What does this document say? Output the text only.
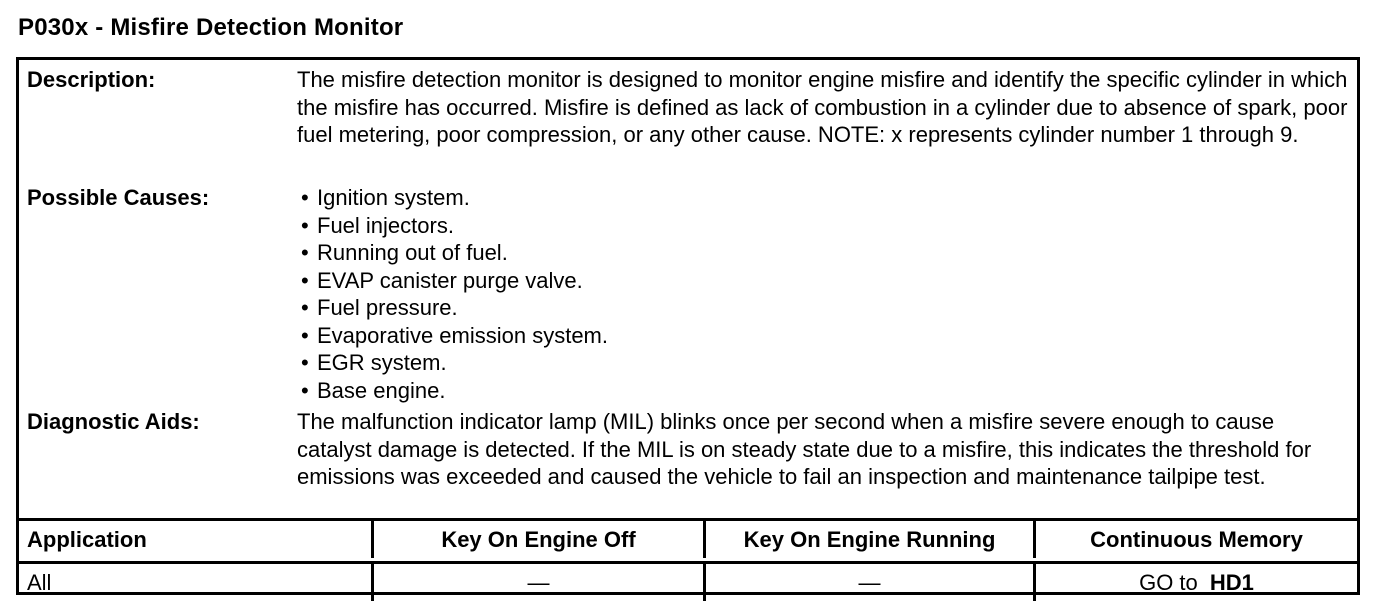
P030x - Misfire Detection Monitor
Description:	The misfire detection monitor is designed to monitor engine misfire and identify the specific cylinder in which the misfire has occurred. Misfire is defined as lack of combustion in a cylinder due to absence of spark, poor fuel metering, poor compression, or any other cause. NOTE: x represents cylinder number 1 through 9.
Possible Causes:
•	Ignition system.
• Fuel injectors.
• Running out of fuel.
• EVAP canister purge valve.
• Fuel pressure.
• Evaporative emission system.
• EGR system.
• Base engine.
Diagnostic Aids:	The malfunction indicator lamp (MIL) blinks once per second when a misfire severe enough to cause catalyst damage is detected. If the MIL is on steady state due to a misfire, this indicates the threshold for emissions was exceeded and caused the vehicle to fail an inspection and maintenance tailpipe test.
Application	Key On Engine Off	Key On Engine Running	Continuous Memory
All	—	—	GO to HD1
